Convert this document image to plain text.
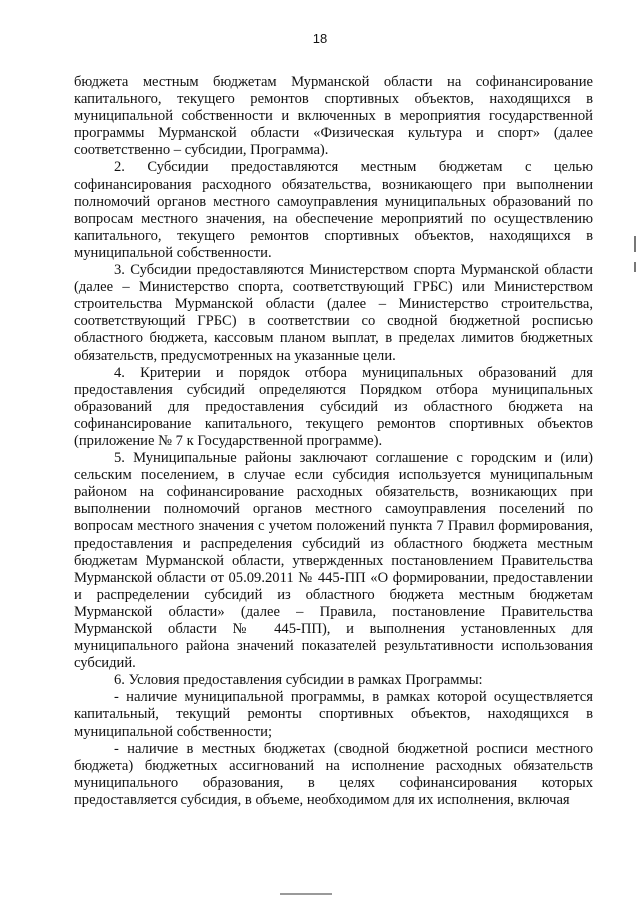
18

бюджета местным бюджетам Мурманской области на софинансирование капитального, текущего ремонтов спортивных объектов, находящихся в муниципальной собственности и включенных в мероприятия государственной программы Мурманской области «Физическая культура и спорт» (далее соответственно – субсидии, Программа).

2. Субсидии предоставляются местным бюджетам с целью софинансирования расходного обязательства, возникающего при выполнении полномочий органов местного самоуправления муниципальных образований по вопросам местного значения, на обеспечение мероприятий по осуществлению капитального, текущего ремонтов спортивных объектов, находящихся в муниципальной собственности.

3. Субсидии предоставляются Министерством спорта Мурманской области (далее – Министерство спорта, соответствующий ГРБС) или Министерством строительства Мурманской области (далее – Министерство строительства, соответствующий ГРБС) в соответствии со сводной бюджетной росписью областного бюджета, кассовым планом выплат, в пределах лимитов бюджетных обязательств, предусмотренных на указанные цели.

4. Критерии и порядок отбора муниципальных образований для предоставления субсидий определяются Порядком отбора муниципальных образований для предоставления субсидий из областного бюджета на софинансирование капитального, текущего ремонтов спортивных объектов (приложение № 7 к Государственной программе).

5. Муниципальные районы заключают соглашение с городским и (или) сельским поселением, в случае если субсидия используется муниципальным районом на софинансирование расходных обязательств, возникающих при выполнении полномочий органов местного самоуправления поселений по вопросам местного значения с учетом положений пункта 7 Правил формирования, предоставления и распределения субсидий из областного бюджета местным бюджетам Мурманской области, утвержденных постановлением Правительства Мурманской области от 05.09.2011 № 445-ПП «О формировании, предоставлении и распределении субсидий из областного бюджета местным бюджетам Мурманской области» (далее – Правила, постановление Правительства Мурманской области № 445-ПП), и выполнения установленных для муниципального района значений показателей результативности использования субсидий.

6. Условия предоставления субсидии в рамках Программы:

- наличие муниципальной программы, в рамках которой осуществляется капитальный, текущий ремонты спортивных объектов, находящихся в муниципальной собственности;

- наличие в местных бюджетах (сводной бюджетной росписи местного бюджета) бюджетных ассигнований на исполнение расходных обязательств муниципального образования, в целях софинансирования которых предоставляется субсидия, в объеме, необходимом для их исполнения, включая
